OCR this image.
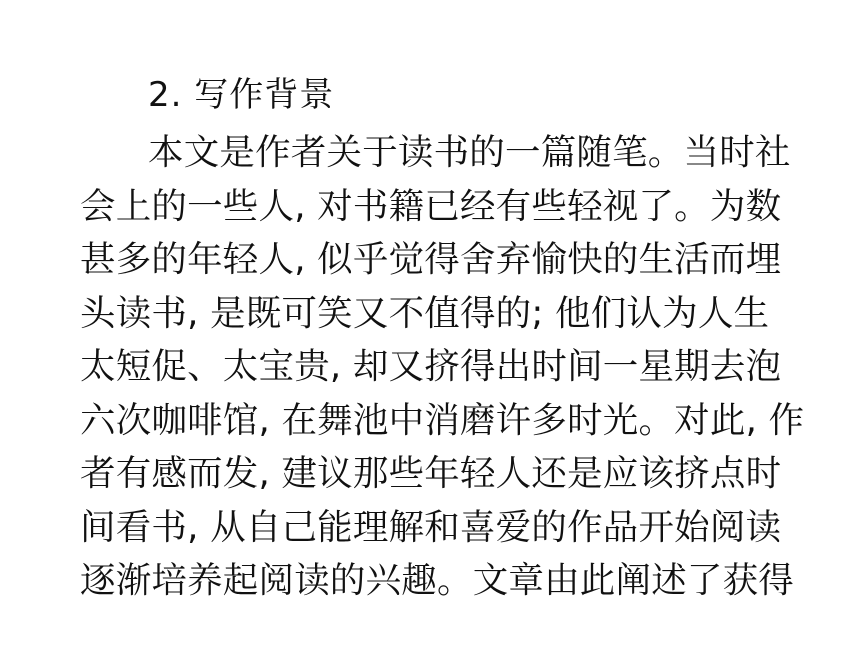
2. 写作背景
本文是作者关于读书的一篇随笔。当时社
会上的一些人, 对书籍已经有些轻视了。为数
甚多的年轻人, 似乎觉得舍弃愉快的生活而埋
头读书, 是既可笑又不值得的; 他们认为人生
太短促、太宝贵, 却又挤得出时间一星期去泡
六次咖啡馆, 在舞池中消磨许多时光。对此, 作
者有感而发, 建议那些年轻人还是应该挤点时
间看书, 从自己能理解和喜爱的作品开始阅读
逐渐培养起阅读的兴趣。文章由此阐述了获得
